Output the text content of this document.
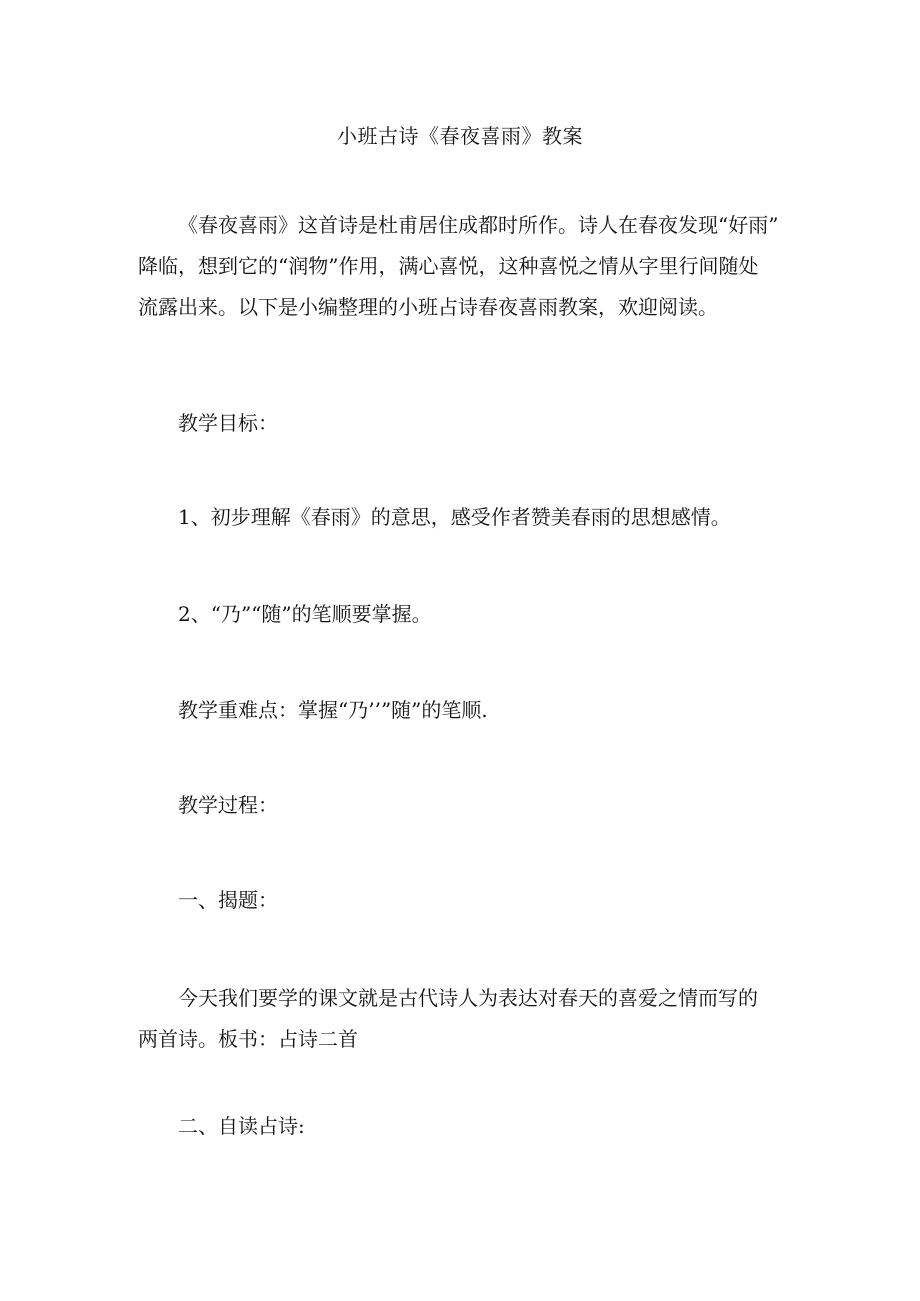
小班古诗《春夜喜雨》教案
《春夜喜雨》这首诗是杜甫居住成都时所作。诗人在春夜发现“好雨”
降临，想到它的“润物”作用，满心喜悦，这种喜悦之情从字里行间随处
流露出来。以下是小编整理的小班占诗春夜喜雨教案，欢迎阅读。
教学目标：
1、初步理解《春雨》的意思，感受作者赞美春雨的思想感情。
2、“乃”“随”的笔顺要掌握。
教学重难点：掌握“乃’’”随”的笔顺.
教学过程：
一、揭题：
今天我们要学的课文就是古代诗人为表达对春天的喜爱之情而写的
两首诗。板书：占诗二首
二、自读占诗:
